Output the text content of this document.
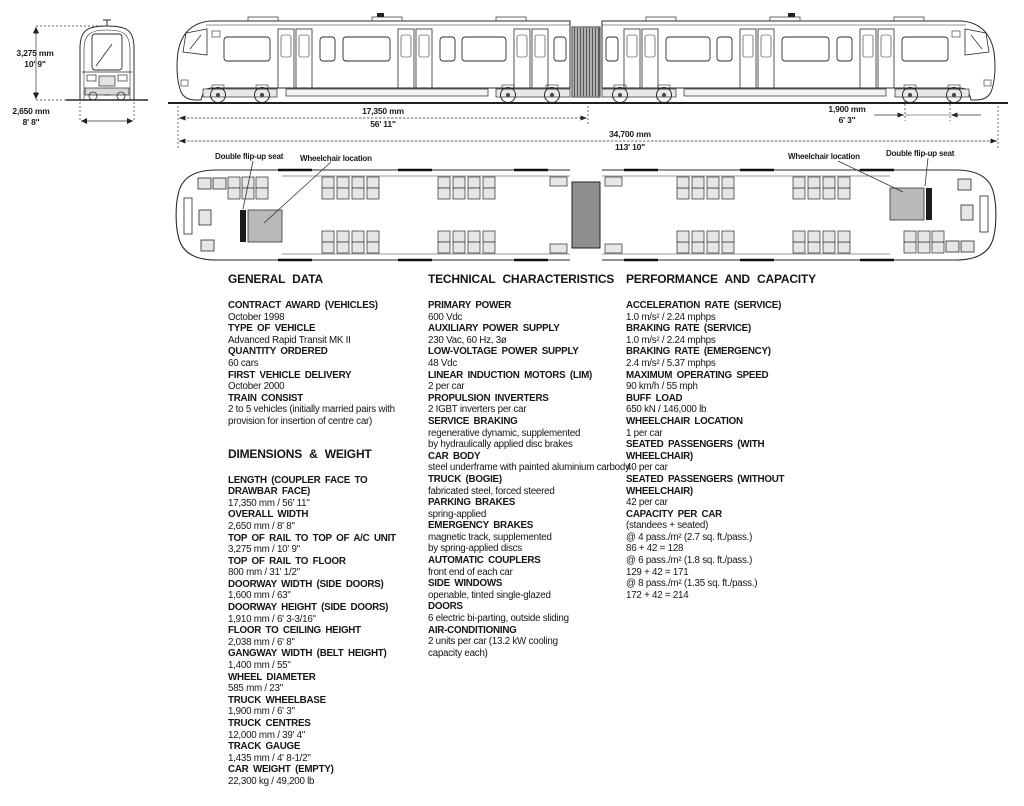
3,275 mm
10' 9"
2,650 mm
8' 8"
17,350 mm
56' 11"
34,700 mm
113' 10"
1,900 mm
6' 3"
Double flip-up seat Wheelchair location	Wheelchair location	Double flip-up seat
GENERAL DATA
CONTRACT AWARD (VEHICLES)
October 1998
TYPE OF VEHICLE
Advanced Rapid Transit MK II
QUANTITY ORDERED
60 cars
FIRST VEHICLE DELIVERY
October 2000
TRAIN CONSIST
2 to 5 vehicles (initially married pairs with
provision for insertion of centre car)
DIMENSIONS & WEIGHT
LENGTH (COUPLER FACE TO
DRAWBAR FACE)
17,350 mm / 56' 11"
OVERALL WIDTH
2,650 mm / 8' 8"
TOP OF RAIL TO TOP OF A/C UNIT
3,275 mm / 10' 9"
TOP OF RAIL TO FLOOR
800 mm / 31' 1/2"
DOORWAY WIDTH (SIDE DOORS)
1,600 mm / 63"
DOORWAY HEIGHT (SIDE DOORS)
1,910 mm / 6' 3-3/16"
FLOOR TO CEILING HEIGHT
2,038 mm / 6' 8"
GANGWAY WIDTH (BELT HEIGHT)
1,400 mm / 55"
WHEEL DIAMETER
585 mm / 23"
TRUCK WHEELBASE
1,900 mm / 6' 3"
TRUCK CENTRES
12,000 mm / 39' 4"
TRACK GAUGE
1,435 mm / 4' 8-1/2"
CAR WEIGHT (EMPTY)
22,300 kg / 49,200 lb
TECHNICAL CHARACTERISTICS
PRIMARY POWER
600 Vdc
AUXILIARY POWER SUPPLY
230 Vac, 60 Hz, 3ø
LOW-VOLTAGE POWER SUPPLY
48 Vdc
LINEAR INDUCTION MOTORS (LIM)
2 per car
PROPULSION INVERTERS
2 IGBT inverters per car
SERVICE BRAKING
regenerative dynamic, supplemented
by hydraulically applied disc brakes
CAR BODY
steel underframe with painted aluminium carbody
TRUCK (BOGIE)
fabricated steel, forced steered
PARKING BRAKES
spring-applied
EMERGENCY BRAKES
magnetic track, supplemented
by spring-applied discs
AUTOMATIC COUPLERS
front end of each car
SIDE WINDOWS
openable, tinted single-glazed
DOORS
6 electric bi-parting, outside sliding
AIR-CONDITIONING
2 units per car (13.2 kW cooling
capacity each)
PERFORMANCE AND CAPACITY
ACCELERATION RATE (SERVICE)
1.0 m/s² / 2.24 mphps
BRAKING RATE (SERVICE)
1.0 m/s² / 2.24 mphps
BRAKING RATE (EMERGENCY)
2.4 m/s² / 5.37 mphps
MAXIMUM OPERATING SPEED
90 km/h / 55 mph
BUFF LOAD
650 kN / 146,000 lb
WHEELCHAIR LOCATION
1 per car
SEATED PASSENGERS (WITH
WHEELCHAIR)
40 per car
SEATED PASSENGERS (WITHOUT
WHEELCHAIR)
42 per car
CAPACITY PER CAR
(standees + seated)
@ 4 pass./m² (2.7 sq. ft./pass.)
86 + 42 = 128
@ 6 pass./m² (1.8 sq. ft./pass.)
129 + 42 = 171
@ 8 pass./m² (1.35 sq. ft./pass.)
172 + 42 = 214
